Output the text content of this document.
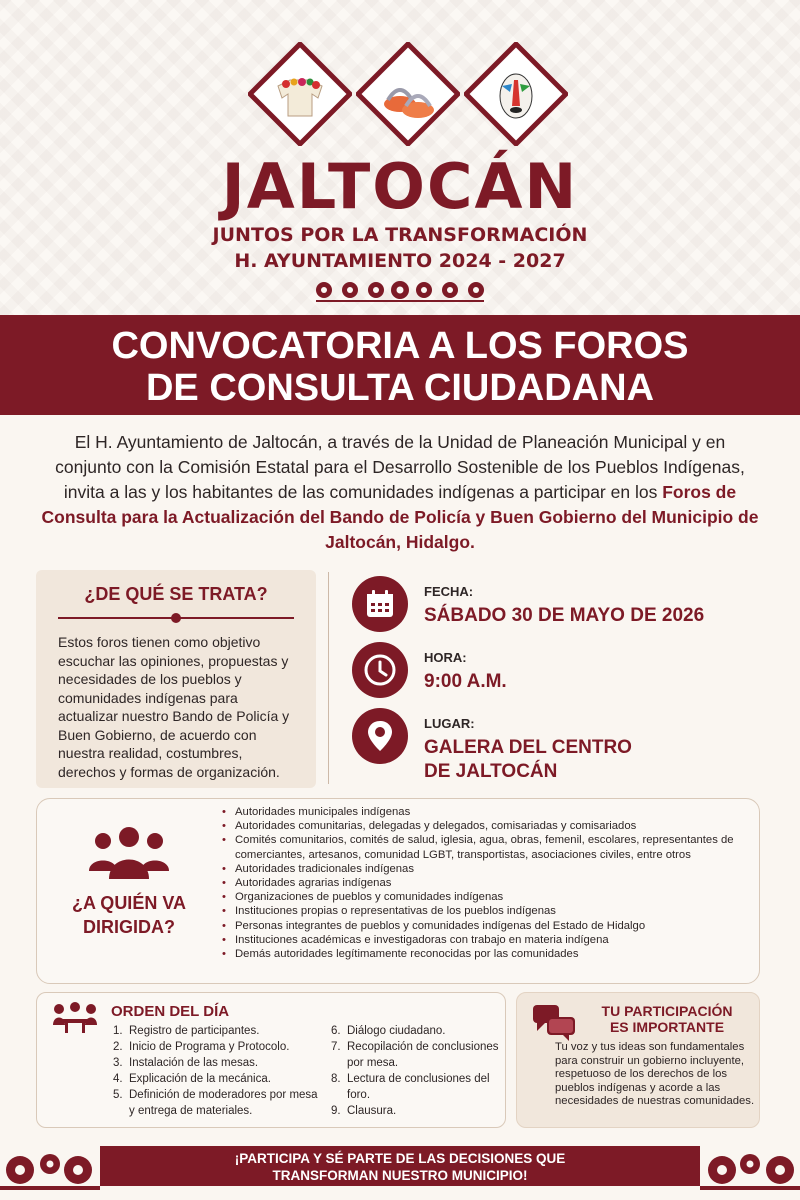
JALTOCÁN
JUNTOS POR LA TRANSFORMACIÓN
H. AYUNTAMIENTO 2024 - 2027
CONVOCATORIA A LOS FOROS
DE CONSULTA CIUDADANA
El H. Ayuntamiento de Jaltocán, a través de la Unidad de Planeación Municipal y en conjunto con la Comisión Estatal para el Desarrollo Sostenible de los Pueblos Indígenas, invita a las y los habitantes de las comunidades indígenas a participar en los Foros de Consulta para la Actualización del Bando de Policía y Buen Gobierno del Municipio de Jaltocán, Hidalgo.
¿DE QUÉ SE TRATA?
Estos foros tienen como objetivo escuchar las opiniones, propuestas y necesidades de los pueblos y comunidades indígenas para actualizar nuestro Bando de Policía y Buen Gobierno, de acuerdo con nuestra realidad, costumbres, derechos y formas de organización.
FECHA:
SÁBADO 30 DE MAYO DE 2026
HORA:
9:00 A.M.
LUGAR:
GALERA DEL CENTRO
DE JALTOCÁN
¿A QUIÉN VA
DIRIGIDA?
• Autoridades municipales indígenas
• Autoridades comunitarias, delegadas y delegados, comisariadas y comisariados
• Comités comunitarios, comités de salud, iglesia, agua, obras, femenil, escolares, representantes de comerciantes, artesanos, comunidad LGBT, transportistas, asociaciones civiles, entre otros
• Autoridades tradicionales indígenas
• Autoridades agrarias indígenas
• Organizaciones de pueblos y comunidades indígenas
• Instituciones propias o representativas de los pueblos indígenas
• Personas integrantes de pueblos y comunidades indígenas del Estado de Hidalgo
• Instituciones académicas e investigadoras con trabajo en materia indígena
• Demás autoridades legítimamente reconocidas por las comunidades
ORDEN DEL DÍA
1. Registro de participantes.
2. Inicio de Programa y Protocolo.
3. Instalación de las mesas.
4. Explicación de la mecánica.
5. Definición de moderadores por mesa y entrega de materiales.
6. Diálogo ciudadano.
7. Recopilación de conclusiones por mesa.
8. Lectura de conclusiones del foro.
9. Clausura.
TU PARTICIPACIÓN
ES IMPORTANTE
Tu voz y tus ideas son fundamentales para construir un gobierno incluyente, respetuoso de los derechos de los pueblos indígenas y acorde a las necesidades de nuestras comunidades.
¡PARTICIPA Y SÉ PARTE DE LAS DECISIONES QUE
TRANSFORMAN NUESTRO MUNICIPIO!
